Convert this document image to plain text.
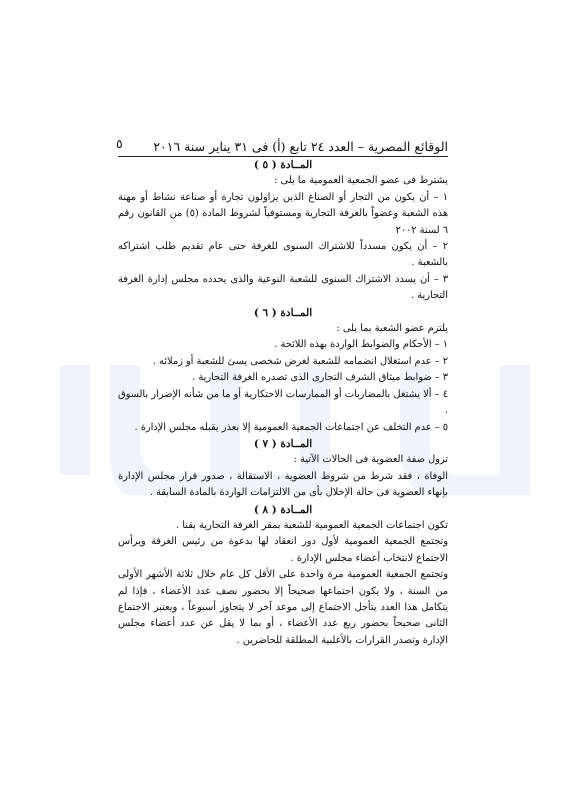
الوقائع المصرية – العدد ٢٤ تابع (أ) فى ٣١ يناير سنة ٢٠١٦
٥
المــادة ( ٥ )

يشترط فى عضو الجمعية العمومية ما يلى :

١ – أن يكون من التجار أو الصناع الذين يزاولون تجارة أو صناعة نشاط أو مهنة هذه الشعبة وعضواً بالغرفة التجارية ومستوفياً لشروط المادة (٥) من القانون رقم ٦ لسنة ٢٠٠٢

٢ – أن يكون مسدداً للاشتراك السنوى للغرفة حتى عام تقديم طلب اشتراكه بالشعبة .

٣ – أن يسدد الاشتراك السنوى للشعبة النوعية والذى يحدده مجلس إدارة الغرفة التجارية .

المــادة ( ٦ )

يلتزم عضو الشعبة بما يلى :

١ – الأحكام والضوابط الواردة بهذه اللائحة .

٢ – عدم استغلال انضمامه للشعبة لغرض شخصى يسئ للشعبة أو زملائه .

٣ – ضوابط ميثاق الشرف التجارى الذى تصدره الغرفة التجارية .

٤ – ألا يشتغل بالمضاربات أو الممارسات الاحتكارية أو ما من شأنه الإضرار بالسوق .

٥ – عدم التخلف عن اجتماعات الجمعية العمومية إلا بعذر يقبله مجلس الإدارة .

المــادة ( ٧ )

تزول صفة العضوية فى الحالات الآتية :

الوفاة ، فقد شرط من شروط العضوية ، الاستقالة ، صدور قرار مجلس الإدارة بإنهاء العضوية فى حالة الإخلال بأى من الالتزامات الواردة بالمادة السابقة .

المــادة ( ٨ )

تكون اجتماعات الجمعية العمومية للشعبة بمقر الغرفة التجارية بقنا .

وتجتمع الجمعية العمومية لأول دور انعقاد لها بدعوة من رئيس الغرفة ويرأس الاجتماع لانتخاب أعضاء مجلس الإدارة .

وتجتمع الجمعية العمومية مرة واحدة على الأقل كل عام خلال ثلاثة الأشهر الأولى من السنة ، ولا يكون اجتماعها صحيحاً إلا بحضور نصف عدد الأعضاء ، فإذا لم يتكامل هذا العدد يتأجل الاجتماع إلى موعد آخر لا يتجاوز أسبوعاً ، ويعتبر الاجتماع الثانى صحيحاً بحضور ربع عدد الأعضاء ، أو بما لا يقل عن عدد أعضاء مجلس الإدارة وتصدر القرارات بالأغلبية المطلقة للحاضرين .
